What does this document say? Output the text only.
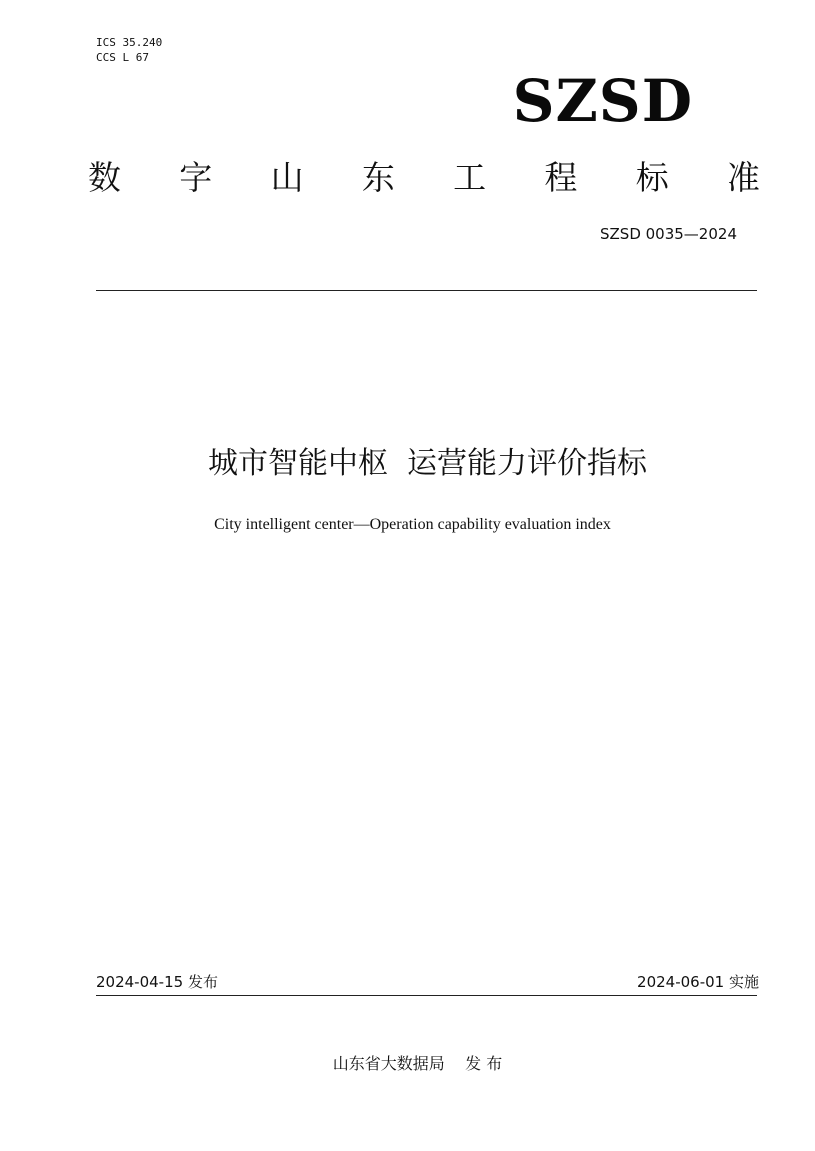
ICS 35.240
CCS L 67
SZSD
数 字 山 东 工 程 标 准
SZSD 0035—2024
城市智能中枢  运营能力评价指标
City intelligent center—Operation capability evaluation index
2024-04-15 发布	2024-06-01 实施
山东省大数据局    发 布
